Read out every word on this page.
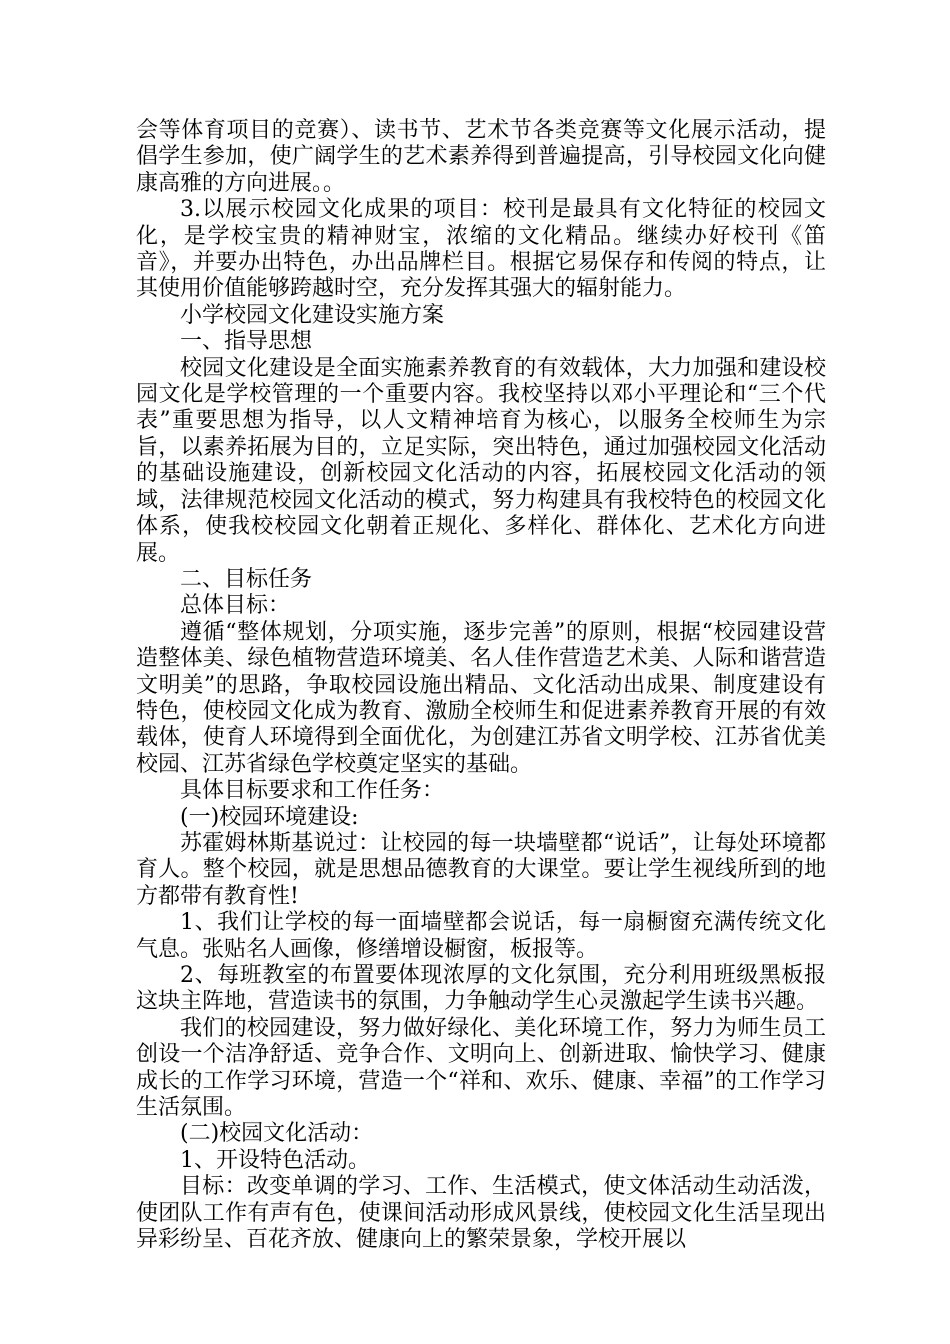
会等体育项目的竞赛）、读书节、艺术节各类竞赛等文化展示活动，提倡学生参加，使广阔学生的艺术素养得到普遍提高，引导校园文化向健康高雅的方向进展。。

3.以展示校园文化成果的项目：校刊是最具有文化特征的校园文化，是学校宝贵的精神财宝，浓缩的文化精品。继续办好校刊《笛音》，并要办出特色，办出品牌栏目。根据它易保存和传阅的特点，让其使用价值能够跨越时空，充分发挥其强大的辐射能力。

小学校园文化建设实施方案

一、指导思想

校园文化建设是全面实施素养教育的有效载体，大力加强和建设校园文化是学校管理的一个重要内容。我校坚持以邓小平理论和“三个代表”重要思想为指导，以人文精神培育为核心，以服务全校师生为宗旨，以素养拓展为目的，立足实际，突出特色，通过加强校园文化活动的基础设施建设，创新校园文化活动的内容，拓展校园文化活动的领域，法律规范校园文化活动的模式，努力构建具有我校特色的校园文化体系，使我校校园文化朝着正规化、多样化、群体化、艺术化方向进展。

二、目标任务

总体目标：

遵循“整体规划，分项实施，逐步完善”的原则，根据“校园建设营造整体美、绿色植物营造环境美、名人佳作营造艺术美、人际和谐营造文明美”的思路，争取校园设施出精品、文化活动出成果、制度建设有特色，使校园文化成为教育、激励全校师生和促进素养教育开展的有效载体，使育人环境得到全面优化，为创建江苏省文明学校、江苏省优美校园、江苏省绿色学校奠定坚实的基础。

具体目标要求和工作任务：

(一)校园环境建设:

苏霍姆林斯基说过：让校园的每一块墙壁都“说话”，让每处环境都育人。整个校园，就是思想品德教育的大课堂。要让学生视线所到的地方都带有教育性!

1、我们让学校的每一面墙壁都会说话，每一扇橱窗充满传统文化气息。张贴名人画像，修缮增设橱窗，板报等。

2、每班教室的布置要体现浓厚的文化氛围，充分利用班级黑板报这块主阵地，营造读书的氛围，力争触动学生心灵激起学生读书兴趣。

我们的校园建设，努力做好绿化、美化环境工作，努力为师生员工创设一个洁净舒适、竞争合作、文明向上、创新进取、愉快学习、健康成长的工作学习环境，营造一个“祥和、欢乐、健康、幸福”的工作学习生活氛围。

(二)校园文化活动：

1、开设特色活动。

目标：改变单调的学习、工作、生活模式，使文体活动生动活泼，使团队工作有声有色，使课间活动形成风景线，使校园文化生活呈现出异彩纷呈、百花齐放、健康向上的繁荣景象，学校开展以
